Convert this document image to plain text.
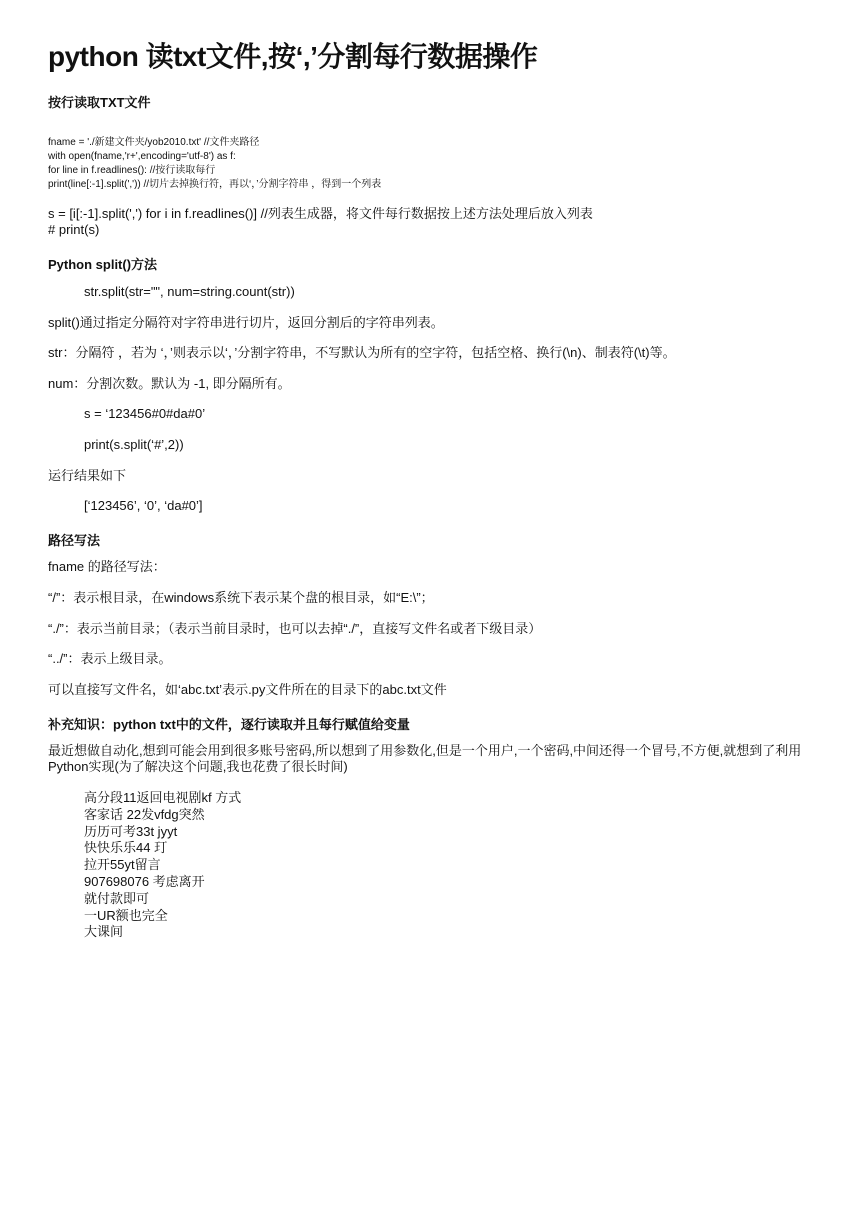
python 读txt文件,按‘,’分割每行数据操作
按行读取TXT文件
fname = './新建文件夹/yob2010.txt' //文件夹路径
with open(fname,'r+',encoding='utf-8') as f:
for line in f.readlines(): //按行读取每行
print(line[:-1].split(',')) //切片去掉换行符，再以‘，’分割字符串 ，得到一个列表
s = [i[:-1].split(',') for i in f.readlines()] //列表生成器，将文件每行数据按上述方法处理后放入列表
# print(s)
Python split()方法

str.split(str="", num=string.count(str))

split()通过指定分隔符对字符串进行切片，返回分割后的字符串列表。

str：分隔符 ，若为 ‘，’则表示以‘，’分割字符串，不写默认为所有的空字符，包括空格、换行(\n)、制表符(\t)等。

num：分割次数。默认为 -1, 即分隔所有。

s = ‘123456#0#da#0’

print(s.split(‘#’,2))

运行结果如下

[‘123456’, ‘0’, ‘da#0’]

路径写法

fname 的路径写法：

“/”：表示根目录，在windows系统下表示某个盘的根目录，如“E:\”；

“./”：表示当前目录；（表示当前目录时，也可以去掉“./”，直接写文件名或者下级目录）

“../”：表示上级目录。

可以直接写文件名，如‘abc.txt’表示.py文件所在的目录下的abc.txt文件

补充知识：python txt中的文件，逐行读取并且每行赋值给变量

最近想做自动化,想到可能会用到很多账号密码,所以想到了用参数化,但是一个用户,一个密码,中间还得一个冒号,不方便,就想到了利用Python实现(为了解决这个问题,我也花费了很长时间)

高分段11返回电视剧kf 方式
客家话 22发vfdg突然
历历可考33t jyyt
快快乐乐44 玎
拉开55yt留言
907698076 考虑离开
就付款即可
一UR额也完全
大课间
